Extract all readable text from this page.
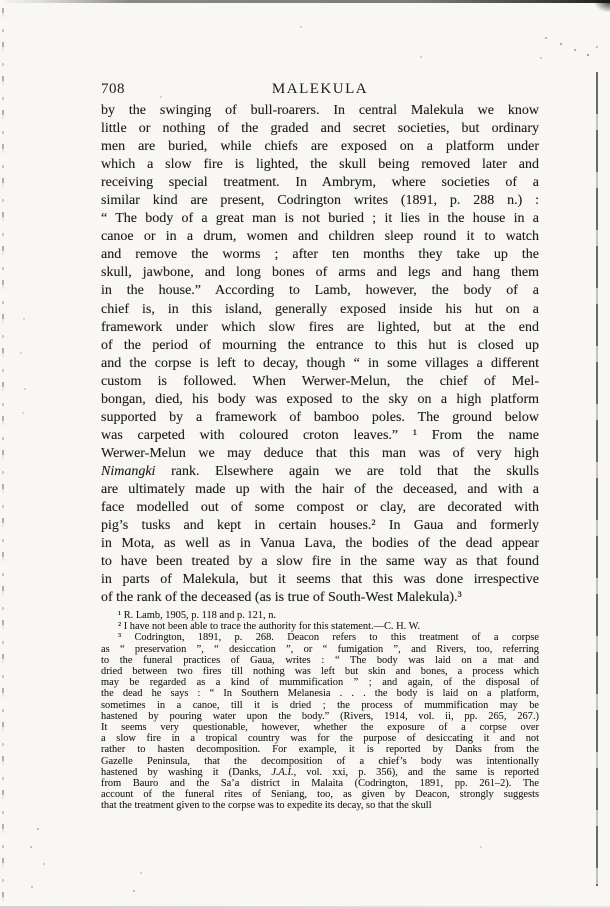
708	MALEKULA
by the swinging of bull-roarers. In central Malekula we know
little or nothing of the graded and secret societies, but ordinary
men are buried, while chiefs are exposed on a platform under
which a slow fire is lighted, the skull being removed later and
receiving special treatment. In Ambrym, where societies of a
similar kind are present, Codrington writes (1891, p. 288 n.) :
“ The body of a great man is not buried ; it lies in the house in a
canoe or in a drum, women and children sleep round it to watch
and remove the worms ; after ten months they take up the
skull, jawbone, and long bones of arms and legs and hang them
in the house.” According to Lamb, however, the body of a
chief is, in this island, generally exposed inside his hut on a
framework under which slow fires are lighted, but at the end
of the period of mourning the entrance to this hut is closed up
and the corpse is left to decay, though “ in some villages a different
custom is followed. When Werwer-Melun, the chief of Mel-
bongan, died, his body was exposed to the sky on a high platform
supported by a framework of bamboo poles. The ground below
was carpeted with coloured croton leaves.” ¹ From the name
Werwer-Melun we may deduce that this man was of very high
Nimangki rank. Elsewhere again we are told that the skulls
are ultimately made up with the hair of the deceased, and with a
face modelled out of some compost or clay, are decorated with
pig’s tusks and kept in certain houses.² In Gaua and formerly
in Mota, as well as in Vanua Lava, the bodies of the dead appear
to have been treated by a slow fire in the same way as that found
in parts of Malekula, but it seems that this was done irrespective
of the rank of the deceased (as is true of South-West Malekula).³
¹ R. Lamb, 1905, p. 118 and p. 121, n.
² I have not been able to trace the authority for this statement.—C. H. W.
³ Codrington, 1891, p. 268. Deacon refers to this treatment of a corpse
as “ preservation ”, “ desiccation ”, or “ fumigation ”, and Rivers, too, referring
to the funeral practices of Gaua, writes : “ The body was laid on a mat and
dried between two fires till nothing was left but skin and bones, a process which
may be regarded as a kind of mummification ” ; and again, of the disposal of
the dead he says : “ In Southern Melanesia . . . the body is laid on a platform,
sometimes in a canoe, till it is dried ; the process of mummification may be
hastened by pouring water upon the body.” (Rivers, 1914, vol. ii, pp. 265, 267.)
It seems very questionable, however, whether the exposure of a corpse over
a slow fire in a tropical country was for the purpose of desiccating it and not
rather to hasten decomposition. For example, it is reported by Danks from the
Gazelle Peninsula, that the decomposition of a chief’s body was intentionally
hastened by washing it (Danks, J.A.I., vol. xxi, p. 356), and the same is reported
from Bauro and the Sa’a district in Malaita (Codrington, 1891, pp. 261–2). The
account of the funeral rites of Seniang, too, as given by Deacon, strongly suggests
that the treatment given to the corpse was to expedite its decay, so that the skull
